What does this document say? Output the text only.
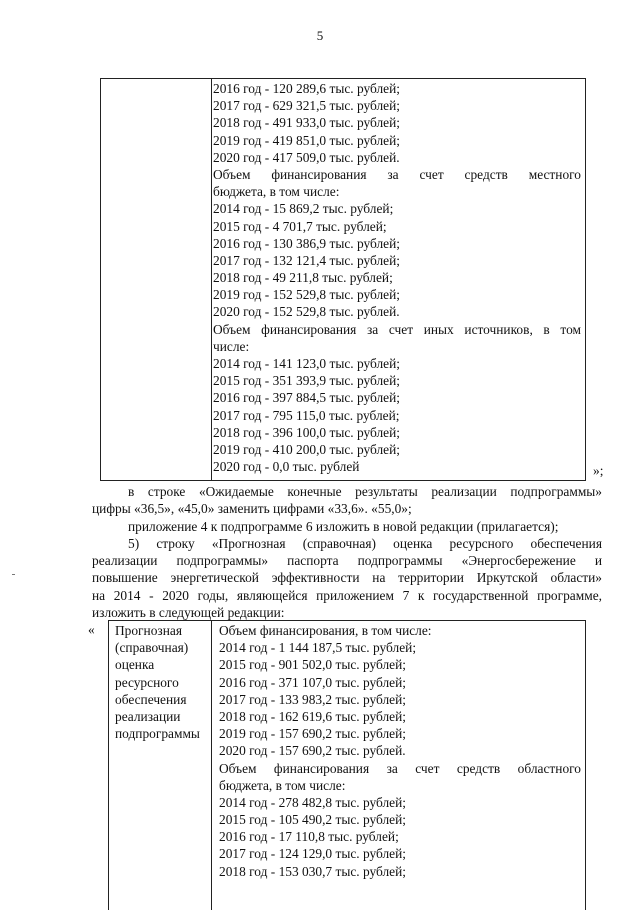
5
2016 год - 120 289,6 тыс. рублей;
2017 год - 629 321,5 тыс. рублей;
2018 год - 491 933,0 тыс. рублей;
2019 год - 419 851,0 тыс. рублей;
2020 год - 417 509,0 тыс. рублей.
Объем финансирования за счет средств местного
бюджета, в том числе:
2014 год - 15 869,2 тыс. рублей;
2015 год - 4 701,7 тыс. рублей;
2016 год - 130 386,9 тыс. рублей;
2017 год - 132 121,4 тыс. рублей;
2018 год - 49 211,8 тыс. рублей;
2019 год - 152 529,8 тыс. рублей;
2020 год - 152 529,8 тыс. рублей.
Объем финансирования за счет иных источников, в том
числе:
2014 год - 141 123,0 тыс. рублей;
2015 год - 351 393,9 тыс. рублей;
2016 год - 397 884,5 тыс. рублей;
2017 год - 795 115,0 тыс. рублей;
2018 год - 396 100,0 тыс. рублей;
2019 год - 410 200,0 тыс. рублей;
2020 год - 0,0 тыс. рублей	»;
в строке «Ожидаемые конечные результаты реализации подпрограммы»
цифры «36,5», «45,0» заменить цифрами «33,6». «55,0»;
приложение 4 к подпрограмме 6 изложить в новой редакции (прилагается);
5) строку «Прогнозная (справочная) оценка ресурсного обеспечения
реализации подпрограммы» паспорта подпрограммы «Энергосбережение и
повышение энергетической эффективности на территории Иркутской области»
на 2014 - 2020 годы, являющейся приложением 7 к государственной программе,
изложить в следующей редакции:
« Прогнозная
(справочная)
оценка
ресурсного
обеспечения
реализации
подпрограммы
Объем финансирования, в том числе:
2014 год - 1 144 187,5 тыс. рублей;
2015 год - 901 502,0 тыс. рублей;
2016 год - 371 107,0 тыс. рублей;
2017 год - 133 983,2 тыс. рублей;
2018 год - 162 619,6 тыс. рублей;
2019 год - 157 690,2 тыс. рублей;
2020 год - 157 690,2 тыс. рублей.
Объем финансирования за счет средств областного
бюджета, в том числе:
2014 год - 278 482,8 тыс. рублей;
2015 год - 105 490,2 тыс. рублей;
2016 год - 17 110,8 тыс. рублей;
2017 год - 124 129,0 тыс. рублей;
2018 год - 153 030,7 тыс. рублей;
